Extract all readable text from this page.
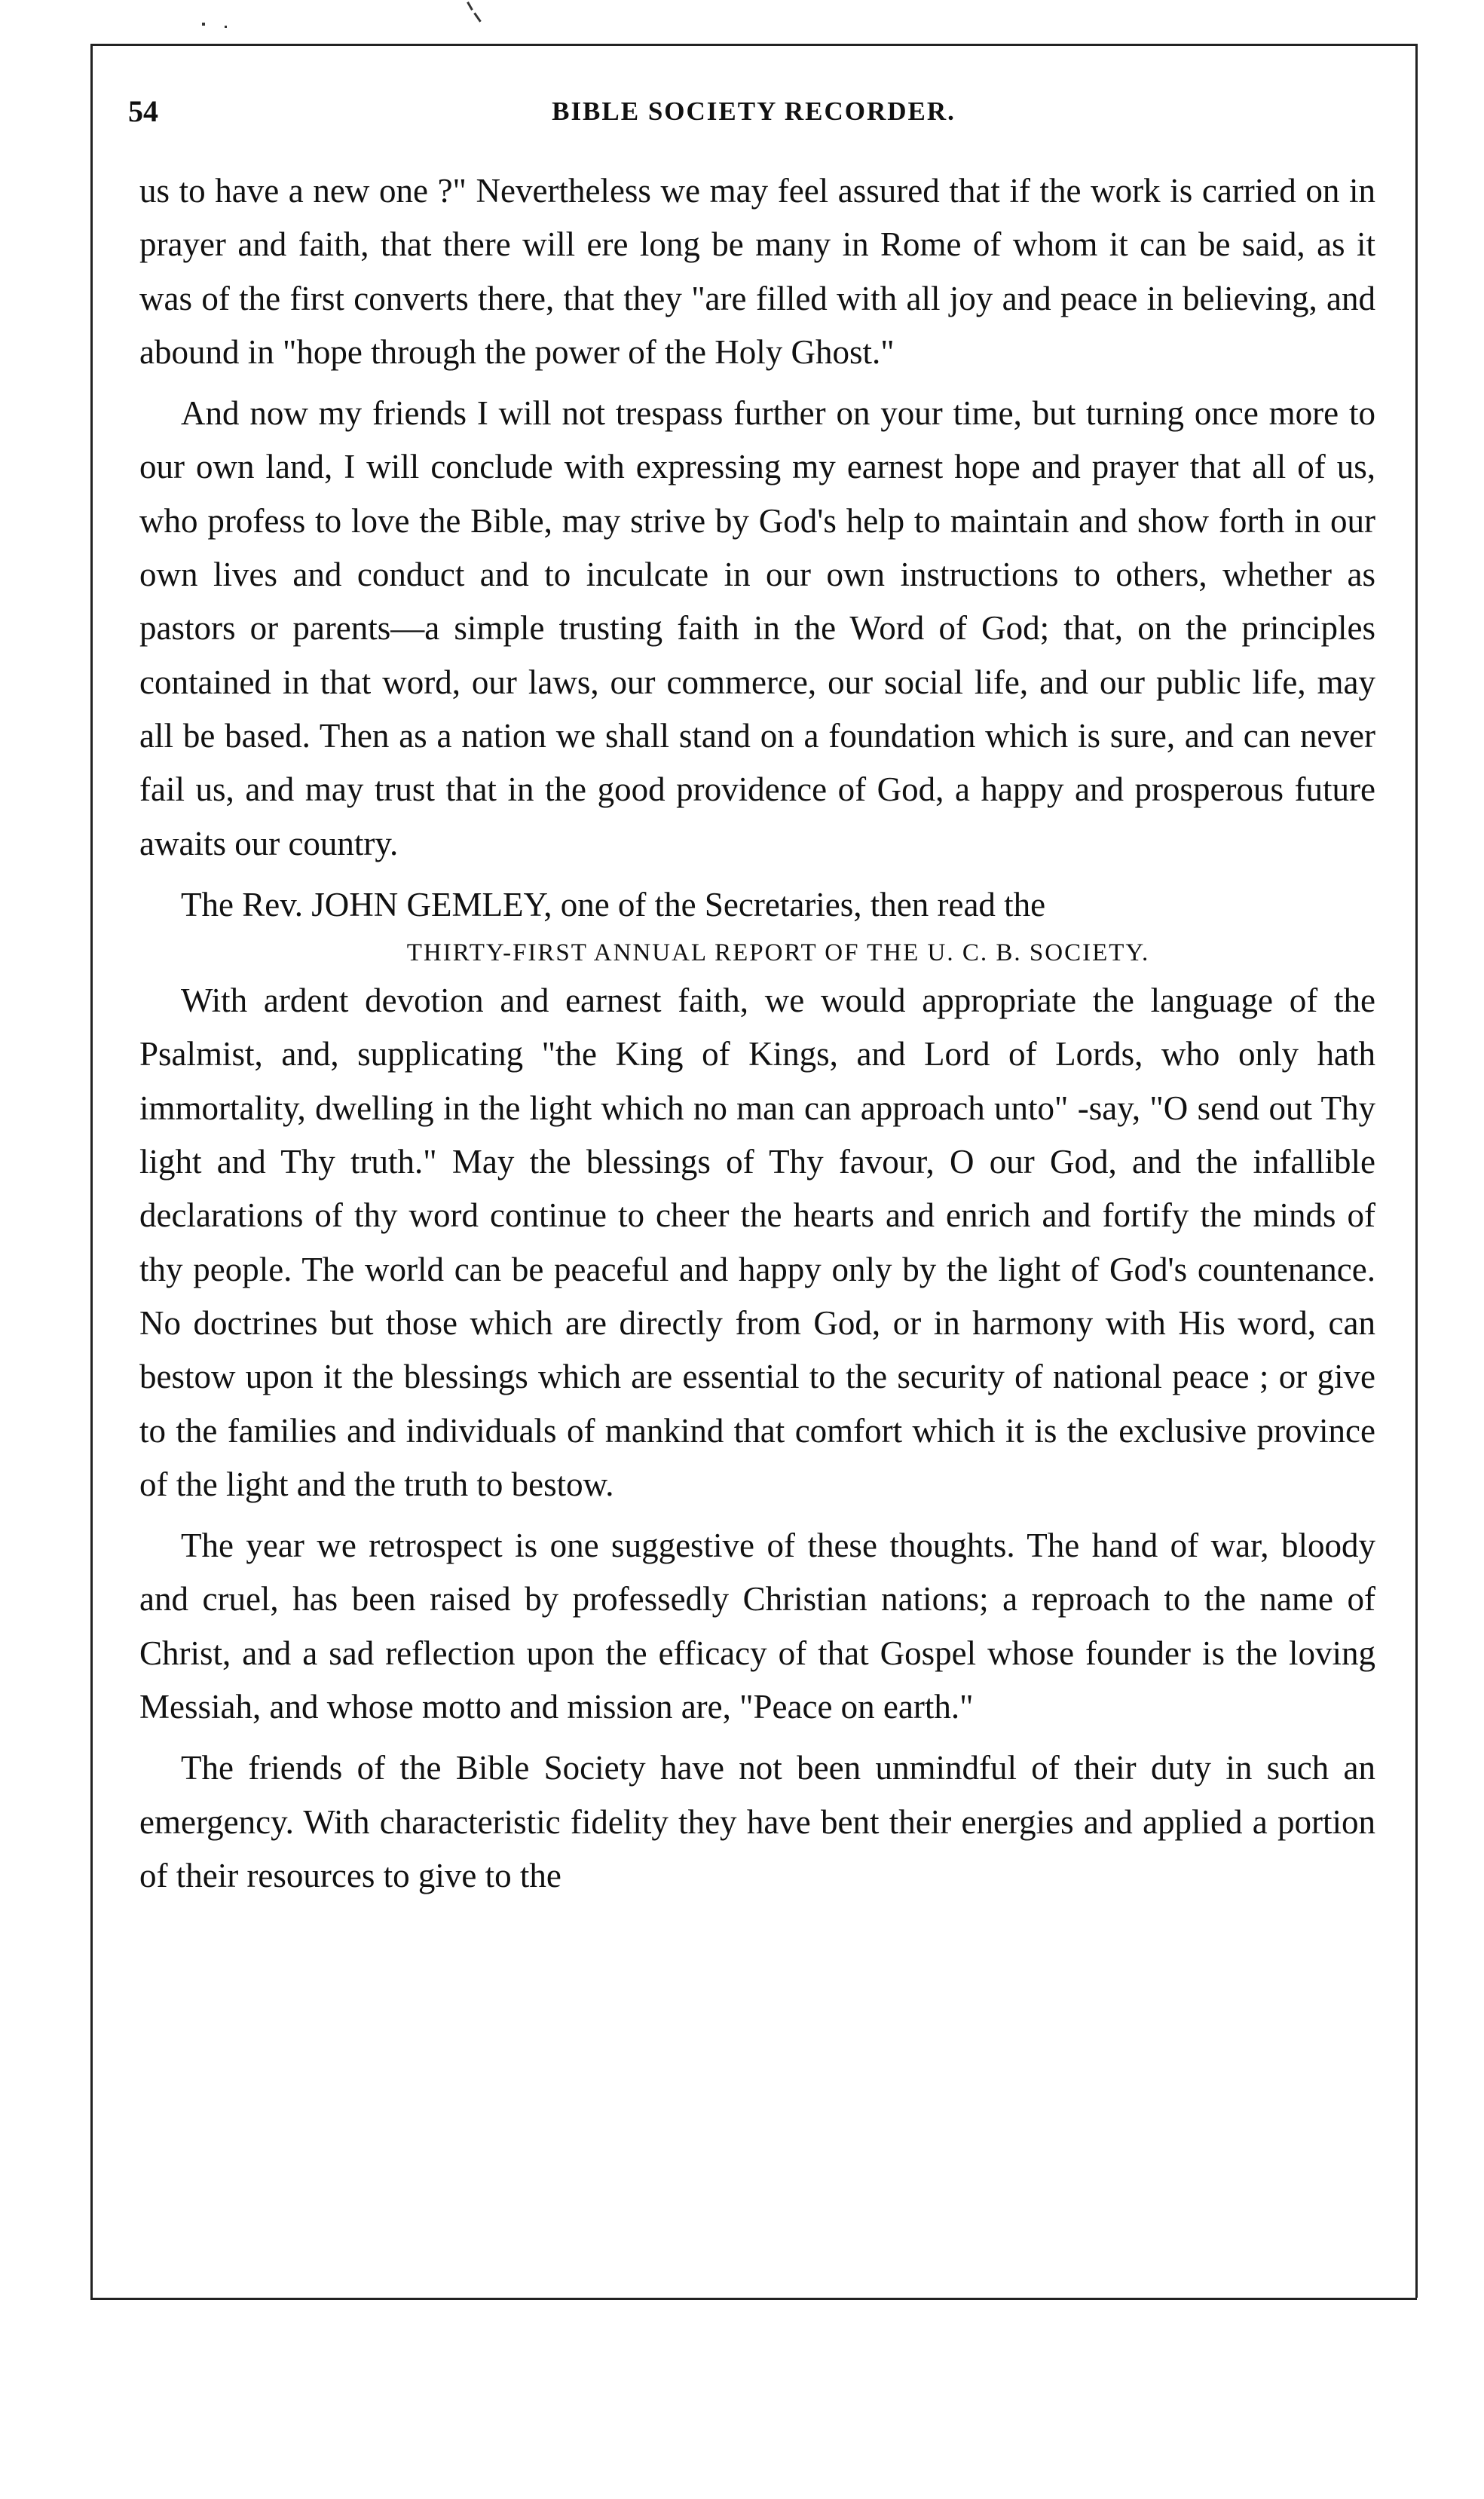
54	BIBLE SOCIETY RECORDER.

us to have a new one ?" Nevertheless we may feel assured that if the work is carried on in prayer and faith, that there will ere long be many in Rome of whom it can be said, as it was of the first converts there, that they "are filled with all joy and peace in believing, and abound in "hope through the power of the Holy Ghost."

And now my friends I will not trespass further on your time, but turning once more to our own land, I will conclude with expressing my earnest hope and prayer that all of us, who profess to love the Bible, may strive by God's help to maintain and show forth in our own lives and conduct and to inculcate in our own instructions to others, whether as pastors or parents—a simple trusting faith in the Word of God; that, on the principles contained in that word, our laws, our commerce, our social life, and our public life, may all be based. Then as a nation we shall stand on a foundation which is sure, and can never fail us, and may trust that in the good providence of God, a happy and prosperous future awaits our country.

The Rev. JOHN GEMLEY, one of the Secretaries, then read the

THIRTY-FIRST ANNUAL REPORT OF THE U. C. B. SOCIETY.

With ardent devotion and earnest faith, we would appropriate the language of the Psalmist, and, supplicating "the King of Kings, and Lord of Lords, who only hath immortality, dwelling in the light which no man can approach unto" -say, "O send out Thy light and Thy truth." May the blessings of Thy favour, O our God, and the infallible declarations of thy word continue to cheer the hearts and enrich and fortify the minds of thy people. The world can be peaceful and happy only by the light of God's countenance. No doctrines but those which are directly from God, or in harmony with His word, can bestow upon it the blessings which are essential to the security of national peace ; or give to the families and individuals of mankind that comfort which it is the exclusive province of the light and the truth to bestow.

The year we retrospect is one suggestive of these thoughts. The hand of war, bloody and cruel, has been raised by professedly Christian nations; a reproach to the name of Christ, and a sad reflection upon the efficacy of that Gospel whose founder is the loving Messiah, and whose motto and mission are, "Peace on earth."

The friends of the Bible Society have not been unmindful of their duty in such an emergency. With characteristic fidelity they have bent their energies and applied a portion of their resources to give to the
